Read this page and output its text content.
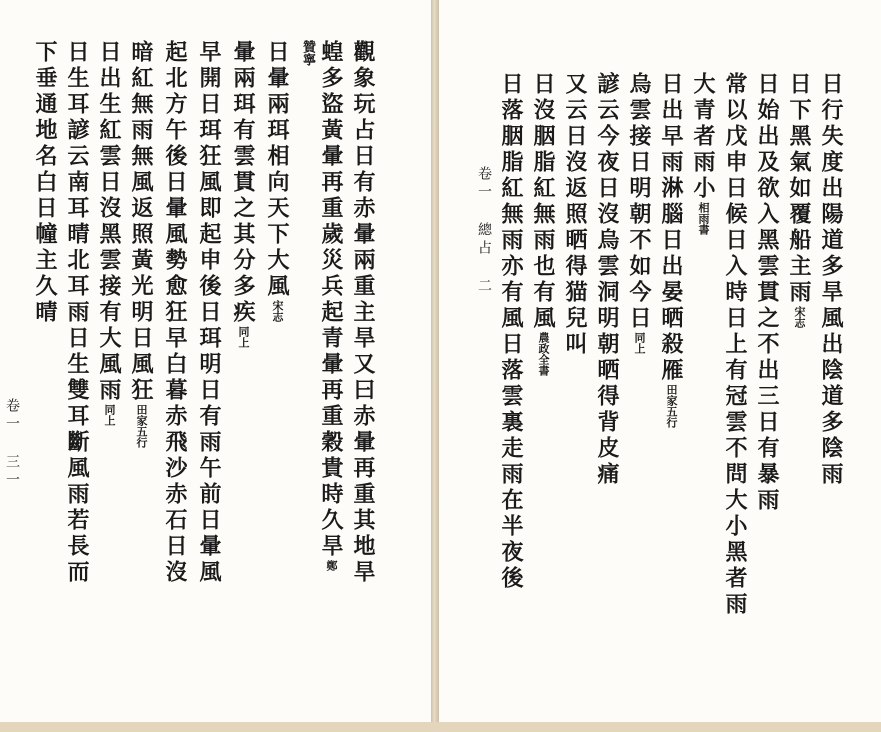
觀象玩占日有赤暈兩重主旱又曰赤暈再重其地旱
蝗多盜黃暈再重歲災兵起青暈再重穀貴時久旱鄭
贊寧
日暈兩珥相向天下大風宋志
暈兩珥有雲貫之其分多疾同上
早開日珥狂風即起申後日珥明日有雨午前日暈風
起北方午後日暈風勢愈狂早白暮赤飛沙赤石日沒
暗紅無雨無風返照黃光明日風狂田家五行
日出生紅雲日沒黑雲接有大風雨同上
日生耳諺云南耳晴北耳雨日生雙耳斷風雨若長而
下垂通地名白日幢主久晴
卷一 三一	日行失度出陽道多旱風出陰道多陰雨
日下黑氣如覆船主雨宋志
日始出及欲入黑雲貫之不出三日有暴雨
常以戊申日候日入時日上有冠雲不問大小黑者雨
大青者雨小相雨書
日出早雨淋腦日出晏晒殺雁田家五行
烏雲接日明朝不如今日同上
諺云今夜日沒烏雲洞明朝晒得背皮痛
又云日沒返照晒得猫兒叫
日沒胭脂紅無雨也有風農政全書
日落胭脂紅無雨亦有風日落雲裏走雨在半夜後
卷一 總占 二
